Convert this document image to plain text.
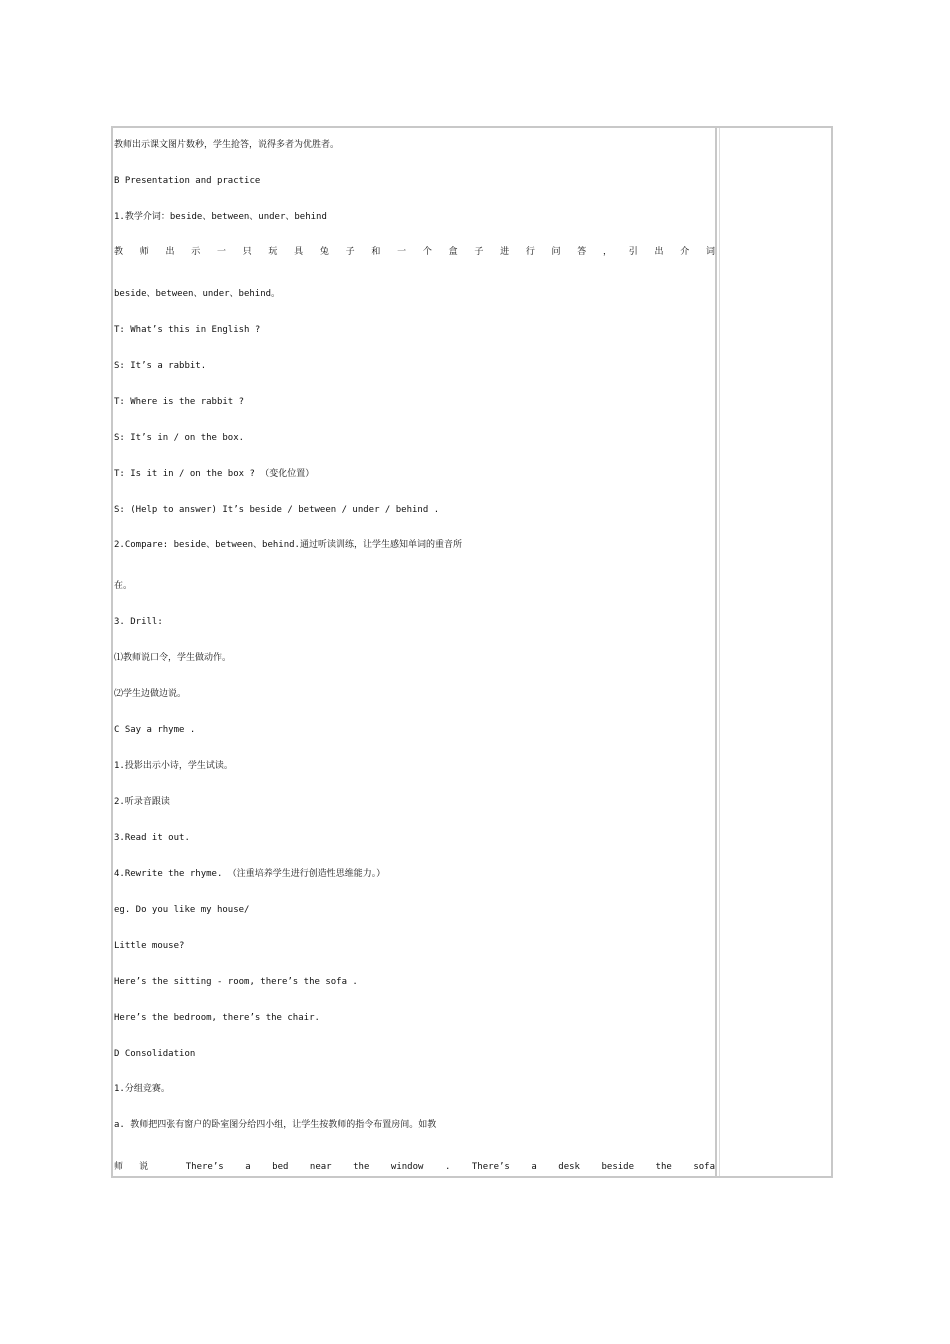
教师出示课文图片数秒，学生抢答，说得多者为优胜者。
B Presentation and practice
1.教学介词：beside、between、under、behind
教 师 出 示 一 只 玩 具 兔 子 和 一 个 盒 子 进 行 问 答 ， 引 出 介 词
beside、between、under、behind。
T: What’s this in English ?
S: It’s a rabbit.
T: Where is the rabbit ?
S: It’s in / on the box.
T: Is it in / on the box ? （变化位置）
S: (Help to answer) It’s beside / between / under / behind .
2.Compare: beside、between、behind.通过听读训练，让学生感知单词的重音所
在。
3. Drill:
⑴教师说口令，学生做动作。
⑵学生边做边说。
C Say a rhyme .
1.投影出示小诗，学生试读。
2.听录音跟读
3.Read it out.
4.Rewrite the rhyme. （注重培养学生进行创造性思维能力。）
eg. Do you like my house/
Little mouse?
Here’s the sitting - room, there’s the sofa .
Here’s the bedroom, there’s the chair.
D Consolidation
1.分组竞赛。
a. 教师把四张有窗户的卧室图分给四小组，让学生按教师的指令布置房间。如教
师说 There’s a bed near the window . There’s a desk beside the sofa
